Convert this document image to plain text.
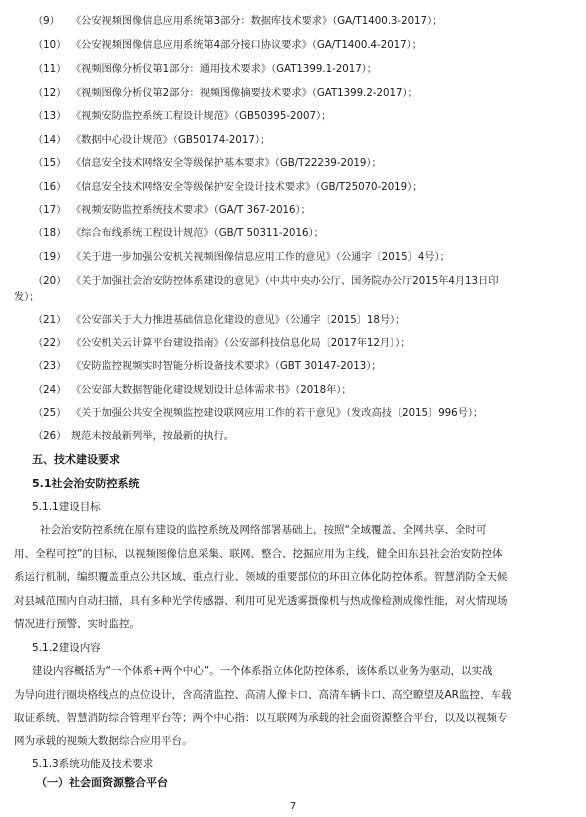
（9） 《公安视频图像信息应用系统第3部分：数据库技术要求》（GA/T1400.3-2017）；
（10） 《公安视频图像信息应用系统第4部分接口协议要求》（GA/T1400.4-2017）；
（11） 《视频图像分析仪第1部分：通用技术要求》（GAT1399.1-2017）；
（12） 《视频图像分析仪第2部分：视频图像摘要技术要求》（GAT1399.2-2017）；
（13） 《视频安防监控系统工程设计规范》（GB50395-2007）；
（14） 《数据中心设计规范》（GB50174-2017）；
（15） 《信息安全技术网络安全等级保护基本要求》（GB/T22239-2019）；
（16） 《信息安全技术网络安全等级保护安全设计技术要求》（GB/T25070-2019）；
（17） 《视频安防监控系统技术要求》（GA/T 367-2016）；
（18） 《综合布线系统工程设计规范》（GB/T 50311-2016）；
（19） 《关于进一步加强公安机关视频图像信息应用工作的意见》（公通字〔2015〕4号）；
（20） 《关于加强社会治安防控体系建设的意见》（中共中央办公厅、国务院办公厅2015年4月13日印
发）；
（21） 《公安部关于大力推进基础信息化建设的意见》（公通字〔2015〕18号）；
（22） 《公安机关云计算平台建设指南》（公安部科技信息化局〔2017年12月〕）；
（23） 《安防监控视频实时智能分析设备技术要求》（GBT 30147-2013）；
（24） 《公安部大数据智能化建设规划设计总体需求书》（2018年）；
（25） 《关于加强公共安全视频监控建设联网应用工作的若干意见》（发改高技〔2015〕996号）；
（26） 规范未按最新列举，按最新的执行。
五、技术建设要求
5.1社会治安防控系统
5.1.1建设目标
社会治安防控系统在原有建设的监控系统及网络部署基础上，按照“全域覆盖、全网共享、全时可
用、全程可控”的目标，以视频图像信息采集、联网、整合、挖掘应用为主线，健全田东县社会治安防控体
系运行机制，编织覆盖重点公共区域、重点行业、领域的重要部位的环田立体化防控体系。智慧消防全天候
对县城范围内自动扫描，具有多种光学传感器、利用可见光透雾摄像机与热成像检测成像性能，对火情现场
情况进行预警、实时监控。
5.1.2建设内容
建设内容概括为“一个体系+两个中心”。一个体系指立体化防控体系，该体系以业务为驱动，以实战
为导向进行圈块格线点的点位设计，含高清监控、高清人像卡口、高清车辆卡口、高空瞭望及AR监控、车载
取证系统、智慧消防综合管理平台等；两个中心指：以互联网为承载的社会面资源整合平台，以及以视频专
网为承载的视频大数据综合应用平台。
5.1.3系统功能及技术要求
（一）社会面资源整合平台
7
